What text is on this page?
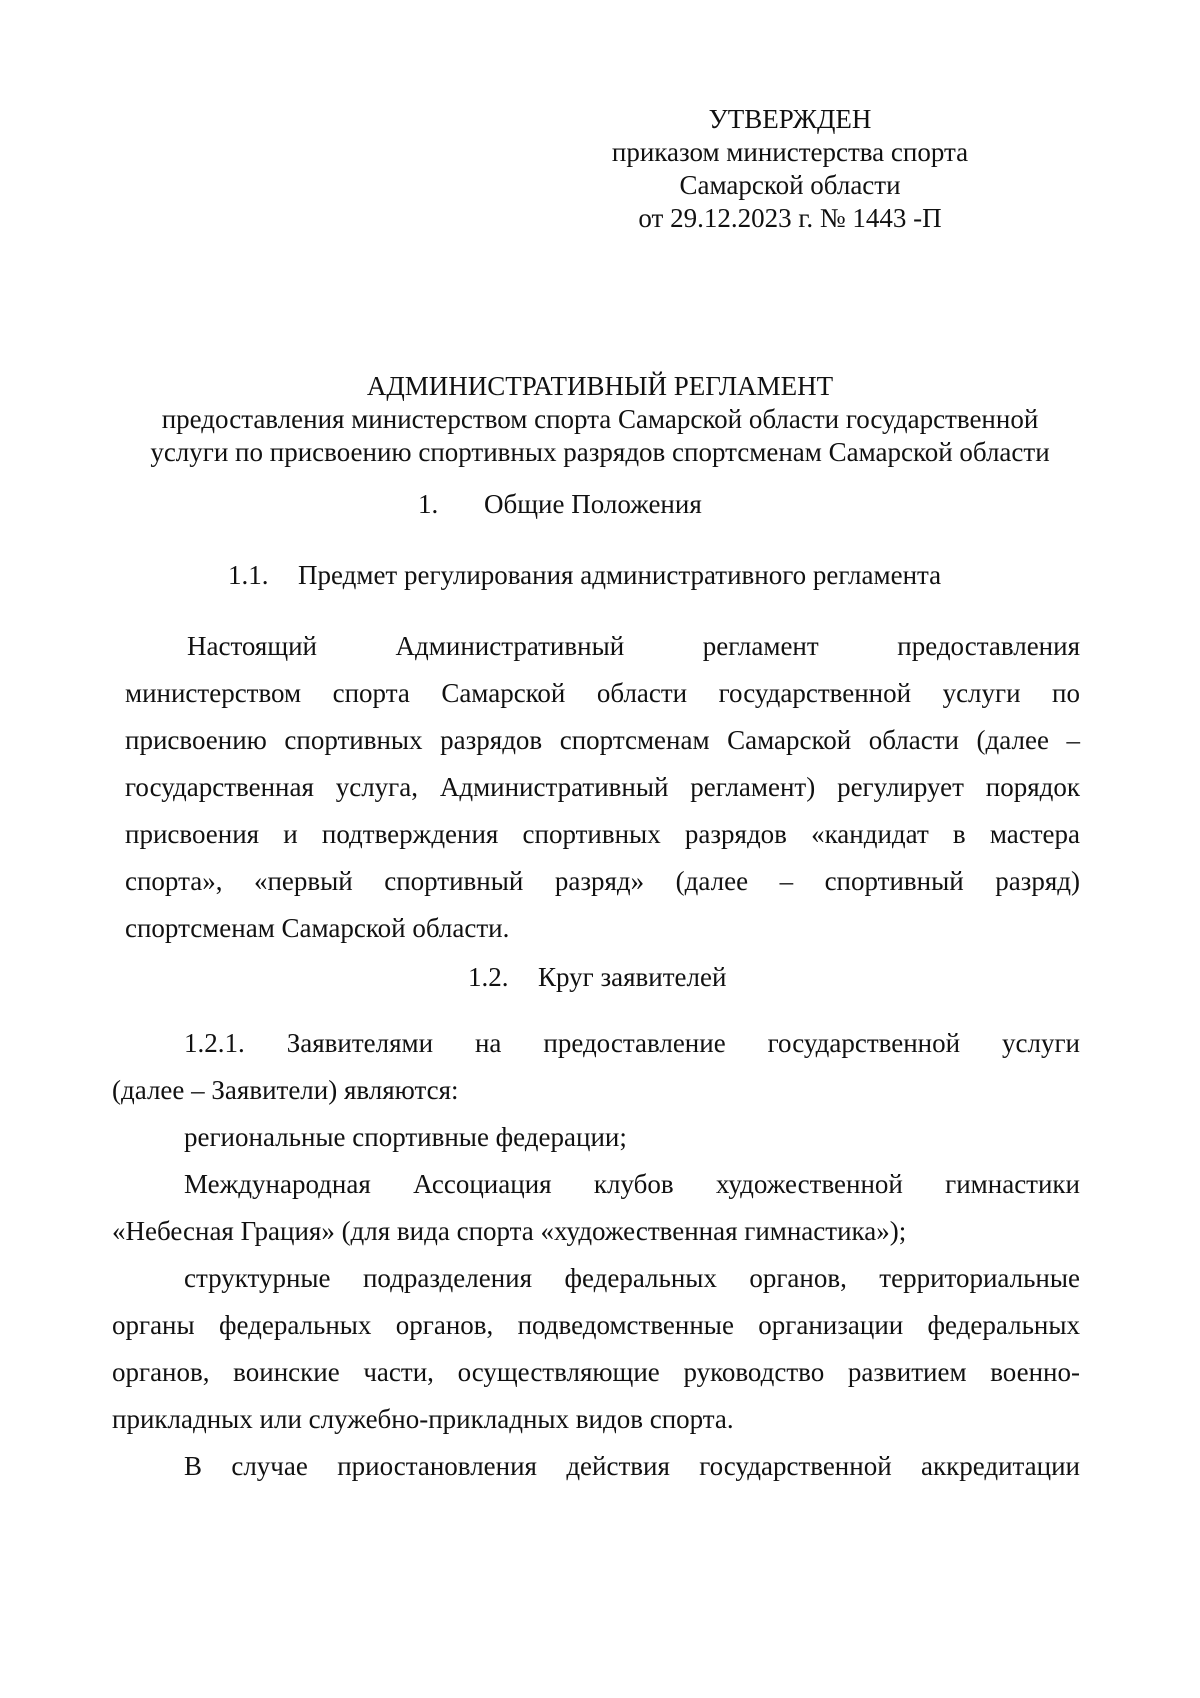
УТВЕРЖДЕН
приказом министерства спорта
Самарской области
от 29.12.2023 г. № 1443 -П
АДМИНИСТРАТИВНЫЙ РЕГЛАМЕНТ
предоставления министерством спорта Самарской области государственной
услуги по присвоению спортивных разрядов спортсменам Самарской области
1. Общие Положения
1.1. Предмет регулирования административного регламента
Настоящий Административный регламент предоставления
министерством спорта Самарской области государственной услуги по
присвоению спортивных разрядов спортсменам Самарской области (далее –
государственная услуга, Административный регламент) регулирует порядок
присвоения и подтверждения спортивных разрядов «кандидат в мастера
спорта», «первый спортивный разряд» (далее – спортивный разряд)
спортсменам Самарской области.
1.2. Круг заявителей
1.2.1. Заявителями на предоставление государственной услуги
(далее – Заявители) являются:
региональные спортивные федерации;
Международная Ассоциация клубов художественной гимнастики
«Небесная Грация» (для вида спорта «художественная гимнастика»);
структурные подразделения федеральных органов, территориальные
органы федеральных органов, подведомственные организации федеральных
органов, воинские части, осуществляющие руководство развитием военно-
прикладных или служебно-прикладных видов спорта.
В случае приостановления действия государственной аккредитации
